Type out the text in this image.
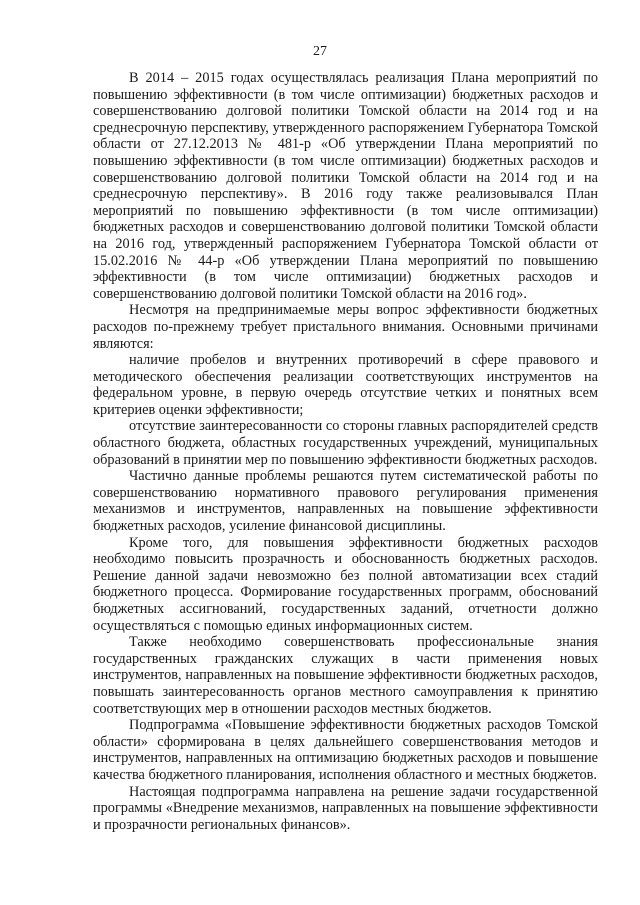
27

В 2014 – 2015 годах осуществлялась реализация Плана мероприятий по повышению эффективности (в том числе оптимизации) бюджетных расходов и совершенствованию долговой политики Томской области на 2014 год и на среднесрочную перспективу, утвержденного распоряжением Губернатора Томской области от 27.12.2013 № 481-р «Об утверждении Плана мероприятий по повышению эффективности (в том числе оптимизации) бюджетных расходов и совершенствованию долговой политики Томской области на 2014 год и на среднесрочную перспективу». В 2016 году также реализовывался План мероприятий по повышению эффективности (в том числе оптимизации) бюджетных расходов и совершенствованию долговой политики Томской области на 2016 год, утвержденный распоряжением Губернатора Томской области от 15.02.2016 № 44-р «Об утверждении Плана мероприятий по повышению эффективности (в том числе оптимизации) бюджетных расходов и совершенствованию долговой политики Томской области на 2016 год».

Несмотря на предпринимаемые меры вопрос эффективности бюджетных расходов по-прежнему требует пристального внимания. Основными причинами являются:

наличие пробелов и внутренних противоречий в сфере правового и методического обеспечения реализации соответствующих инструментов на федеральном уровне, в первую очередь отсутствие четких и понятных всем критериев оценки эффективности;

отсутствие заинтересованности со стороны главных распорядителей средств областного бюджета, областных государственных учреждений, муниципальных образований в принятии мер по повышению эффективности бюджетных расходов.

Частично данные проблемы решаются путем систематической работы по совершенствованию нормативного правового регулирования применения механизмов и инструментов, направленных на повышение эффективности бюджетных расходов, усиление финансовой дисциплины.

Кроме того, для повышения эффективности бюджетных расходов необходимо повысить прозрачность и обоснованность бюджетных расходов. Решение данной задачи невозможно без полной автоматизации всех стадий бюджетного процесса. Формирование государственных программ, обоснований бюджетных ассигнований, государственных заданий, отчетности должно осуществляться с помощью единых информационных систем.

Также необходимо совершенствовать профессиональные знания государственных гражданских служащих в части применения новых инструментов, направленных на повышение эффективности бюджетных расходов, повышать заинтересованность органов местного самоуправления к принятию соответствующих мер в отношении расходов местных бюджетов.

Подпрограмма «Повышение эффективности бюджетных расходов Томской области» сформирована в целях дальнейшего совершенствования методов и инструментов, направленных на оптимизацию бюджетных расходов и повышение качества бюджетного планирования, исполнения областного и местных бюджетов.

Настоящая подпрограмма направлена на решение задачи государственной программы «Внедрение механизмов, направленных на повышение эффективности и прозрачности региональных финансов».
